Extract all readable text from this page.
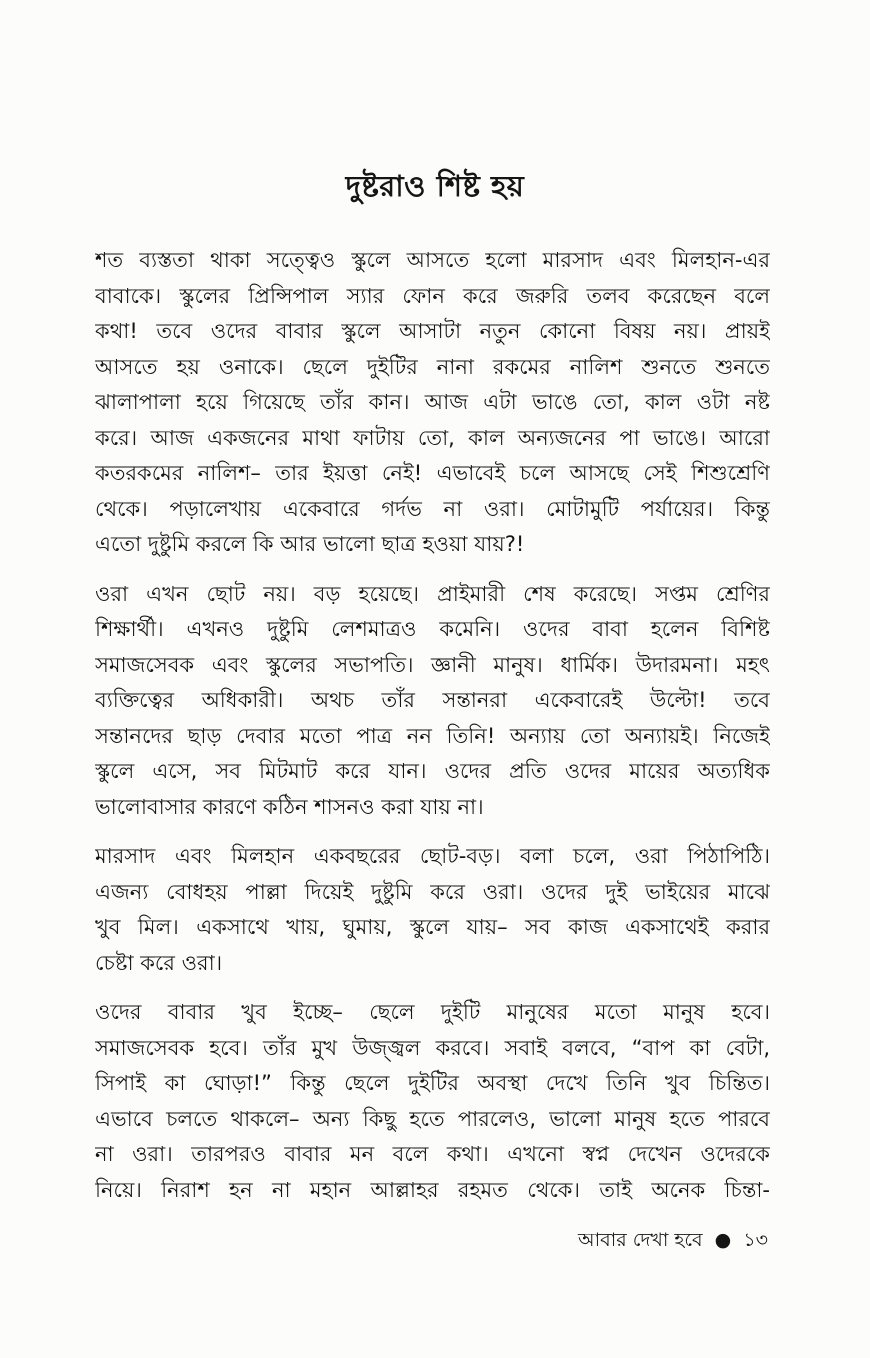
দুষ্টরাও শিষ্ট হয়
শত ব্যস্ততা থাকা সত্ত্বেও স্কুলে আসতে হলো মারসাদ এবং মিলহান-এর
বাবাকে। স্কুলের প্রিন্সিপাল স্যার ফোন করে জরুরি তলব করেছেন বলে
কথা! তবে ওদের বাবার স্কুলে আসাটা নতুন কোনো বিষয় নয়। প্রায়ই
আসতে হয় ওনাকে। ছেলে দুইটির নানা রকমের নালিশ শুনতে শুনতে
ঝালাপালা হয়ে গিয়েছে তাঁর কান। আজ এটা ভাঙে তো, কাল ওটা নষ্ট
করে। আজ একজনের মাথা ফাটায় তো, কাল অন্যজনের পা ভাঙে। আরো
কতরকমের নালিশ– তার ইয়ত্তা নেই! এভাবেই চলে আসছে সেই শিশুশ্রেণি
থেকে। পড়ালেখায় একেবারে গর্দভ না ওরা। মোটামুটি পর্যায়ের। কিন্তু
এতো দুষ্টুমি করলে কি আর ভালো ছাত্র হওয়া যায়?!
ওরা এখন ছোট নয়। বড় হয়েছে। প্রাইমারী শেষ করেছে। সপ্তম শ্রেণির
শিক্ষার্থী। এখনও দুষ্টুমি লেশমাত্রও কমেনি। ওদের বাবা হলেন বিশিষ্ট
সমাজসেবক এবং স্কুলের সভাপতি। জ্ঞানী মানুষ। ধার্মিক। উদারমনা। মহৎ
ব্যক্তিত্বের অধিকারী। অথচ তাঁর সন্তানরা একেবারেই উল্টো! তবে
সন্তানদের ছাড় দেবার মতো পাত্র নন তিনি! অন্যায় তো অন্যায়ই। নিজেই
স্কুলে এসে, সব মিটমাট করে যান। ওদের প্রতি ওদের মায়ের অত্যধিক
ভালোবাসার কারণে কঠিন শাসনও করা যায় না।
মারসাদ এবং মিলহান একবছরের ছোট-বড়। বলা চলে, ওরা পিঠাপিঠি।
এজন্য বোধহয় পাল্লা দিয়েই দুষ্টুমি করে ওরা। ওদের দুই ভাইয়ের মাঝে
খুব মিল। একসাথে খায়, ঘুমায়, স্কুলে যায়– সব কাজ একসাথেই করার
চেষ্টা করে ওরা।
ওদের বাবার খুব ইচ্ছে– ছেলে দুইটি মানুষের মতো মানুষ হবে।
সমাজসেবক হবে। তাঁর মুখ উজ্জ্বল করবে। সবাই বলবে, “বাপ কা বেটা,
সিপাই কা ঘোড়া!” কিন্তু ছেলে দুইটির অবস্থা দেখে তিনি খুব চিন্তিত।
এভাবে চলতে থাকলে– অন্য কিছু হতে পারলেও, ভালো মানুষ হতে পারবে
না ওরা। তারপরও বাবার মন বলে কথা। এখনো স্বপ্ন দেখেন ওদেরকে
নিয়ে। নিরাশ হন না মহান আল্লাহর রহমত থেকে। তাই অনেক চিন্তা-
আবার দেখা হবে ● ১৩
